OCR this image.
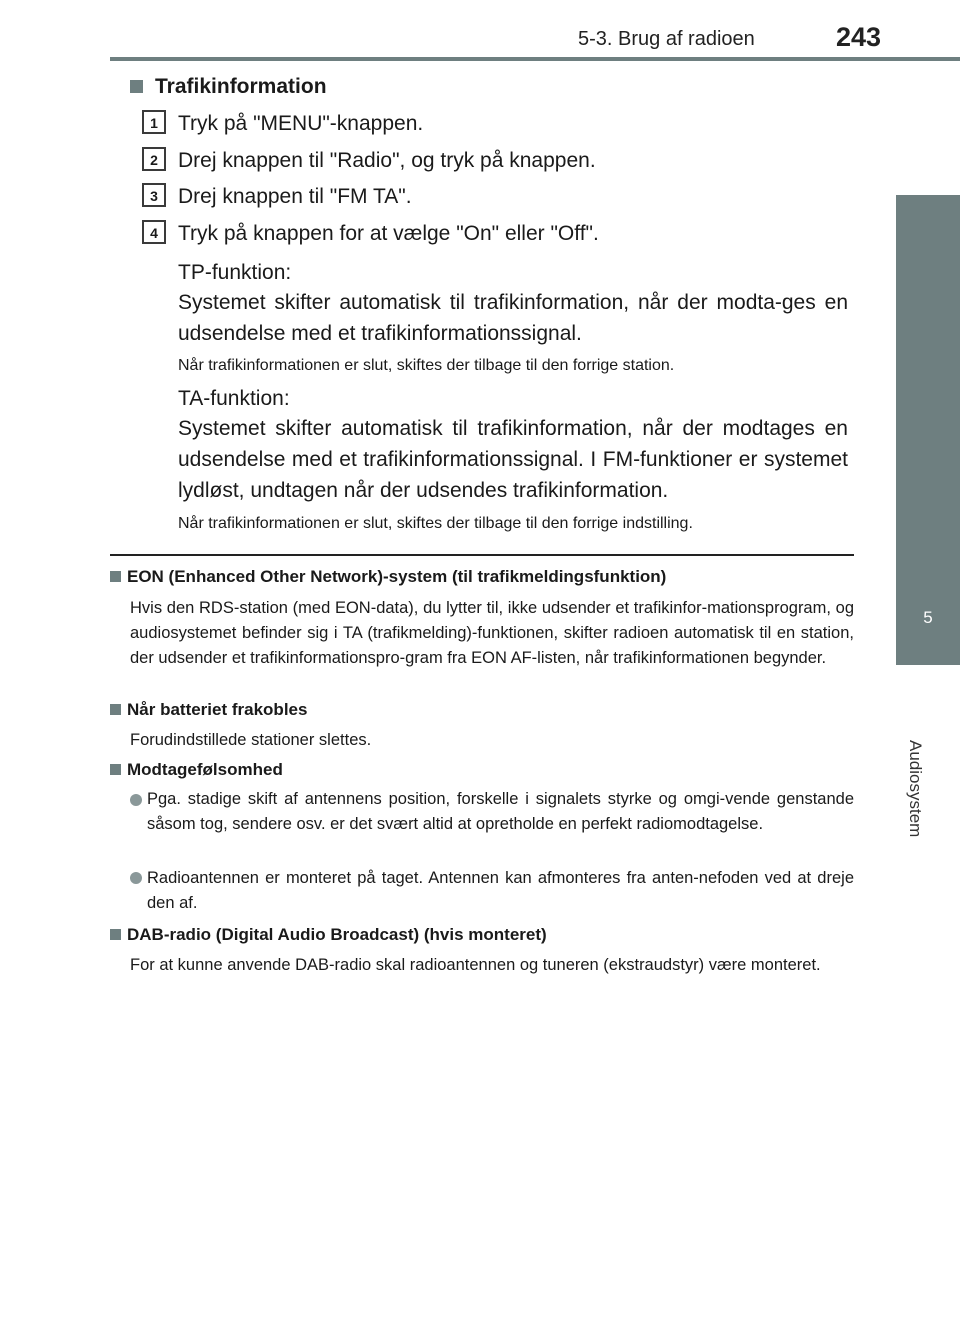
5-3. Brug af radioen	243
5
Audiosystem
Trafikinformation
1 Tryk på "MENU"-knappen.
2 Drej knappen til "Radio", og tryk på knappen.
3 Drej knappen til "FM TA".
4 Tryk på knappen for at vælge "On" eller "Off".
TP-funktion:
Systemet skifter automatisk til trafikinformation, når der modta-ges en udsendelse med et trafikinformationssignal.
Når trafikinformationen er slut, skiftes der tilbage til den forrige station.
TA-funktion:
Systemet skifter automatisk til trafikinformation, når der modtages en udsendelse med et trafikinformationssignal. I FM-funktioner er systemet lydløst, undtagen når der udsendes trafikinformation.
Når trafikinformationen er slut, skiftes der tilbage til den forrige indstilling.
EON (Enhanced Other Network)-system (til trafikmeldingsfunktion)
Hvis den RDS-station (med EON-data), du lytter til, ikke udsender et trafikinfor-mationsprogram, og audiosystemet befinder sig i TA (trafikmelding)-funktionen, skifter radioen automatisk til en station, der udsender et trafikinformationspro-gram fra EON AF-listen, når trafikinformationen begynder.
Når batteriet frakobles
Forudindstillede stationer slettes.
Modtagefølsomhed
Pga. stadige skift af antennens position, forskelle i signalets styrke og omgi-vende genstande såsom tog, sendere osv. er det svært altid at opretholde en perfekt radiomodtagelse.
Radioantennen er monteret på taget. Antennen kan afmonteres fra anten-nefoden ved at dreje den af.
DAB-radio (Digital Audio Broadcast) (hvis monteret)
For at kunne anvende DAB-radio skal radioantennen og tuneren (ekstraudstyr) være monteret.
